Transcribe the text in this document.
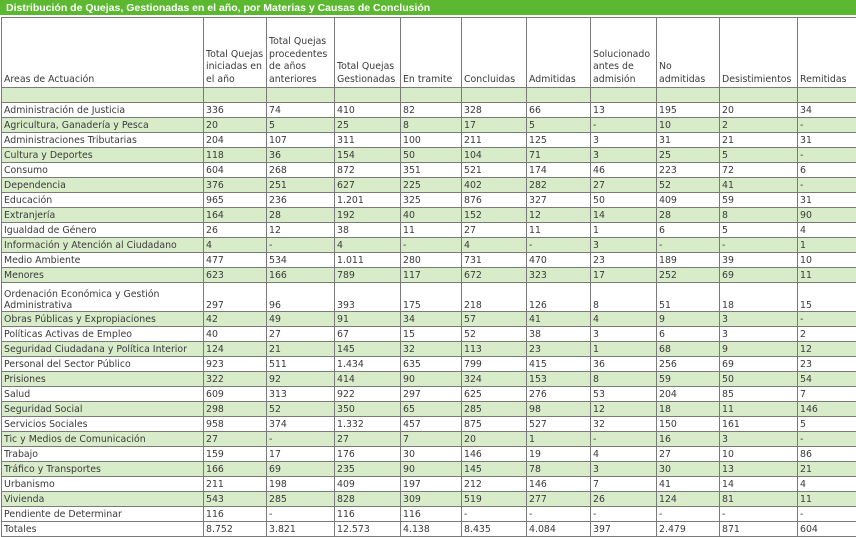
Distribución de Quejas, Gestionadas en el año, por Materias y Causas de Conclusión
Areas de Actuación	Total Quejas iniciadas en el año	Total Quejas procedentes de años anteriores	Total Quejas Gestionadas	En tramite	Concluidas	Admitidas	Solucionado antes de admisión	No admitidas	Desistimientos	Remitidas

Administración de Justicia	336	74	410	82	328	66	13	195	20	34
Agricultura, Ganadería y Pesca	20	5	25	8	17	5	-	10	2	-
Administraciones Tributarias	204	107	311	100	211	125	3	31	21	31
Cultura y Deportes	118	36	154	50	104	71	3	25	5	-
Consumo	604	268	872	351	521	174	46	223	72	6
Dependencia	376	251	627	225	402	282	27	52	41	-
Educación	965	236	1.201	325	876	327	50	409	59	31
Extranjería	164	28	192	40	152	12	14	28	8	90
Igualdad de Género	26	12	38	11	27	11	1	6	5	4
Información y Atención al Ciudadano	4	-	4	-	4	-	3	-	-	1
Medio Ambiente	477	534	1.011	280	731	470	23	189	39	10
Menores	623	166	789	117	672	323	17	252	69	11
Ordenación Económica y Gestión Administrativa	297	96	393	175	218	126	8	51	18	15
Obras Públicas y Expropiaciones	42	49	91	34	57	41	4	9	3	-
Políticas Activas de Empleo	40	27	67	15	52	38	3	6	3	2
Seguridad Ciudadana y Política Interior	124	21	145	32	113	23	1	68	9	12
Personal del Sector Público	923	511	1.434	635	799	415	36	256	69	23
Prisiones	322	92	414	90	324	153	8	59	50	54
Salud	609	313	922	297	625	276	53	204	85	7
Seguridad Social	298	52	350	65	285	98	12	18	11	146
Servicios Sociales	958	374	1.332	457	875	527	32	150	161	5
Tic y Medios de Comunicación	27	-	27	7	20	1	-	16	3	-
Trabajo	159	17	176	30	146	19	4	27	10	86
Tráfico y Transportes	166	69	235	90	145	78	3	30	13	21
Urbanismo	211	198	409	197	212	146	7	41	14	4
Vivienda	543	285	828	309	519	277	26	124	81	11
Pendiente de Determinar	116	-	116	116	-	-	-	-	-	-
Totales	8.752	3.821	12.573	4.138	8.435	4.084	397	2.479	871	604
